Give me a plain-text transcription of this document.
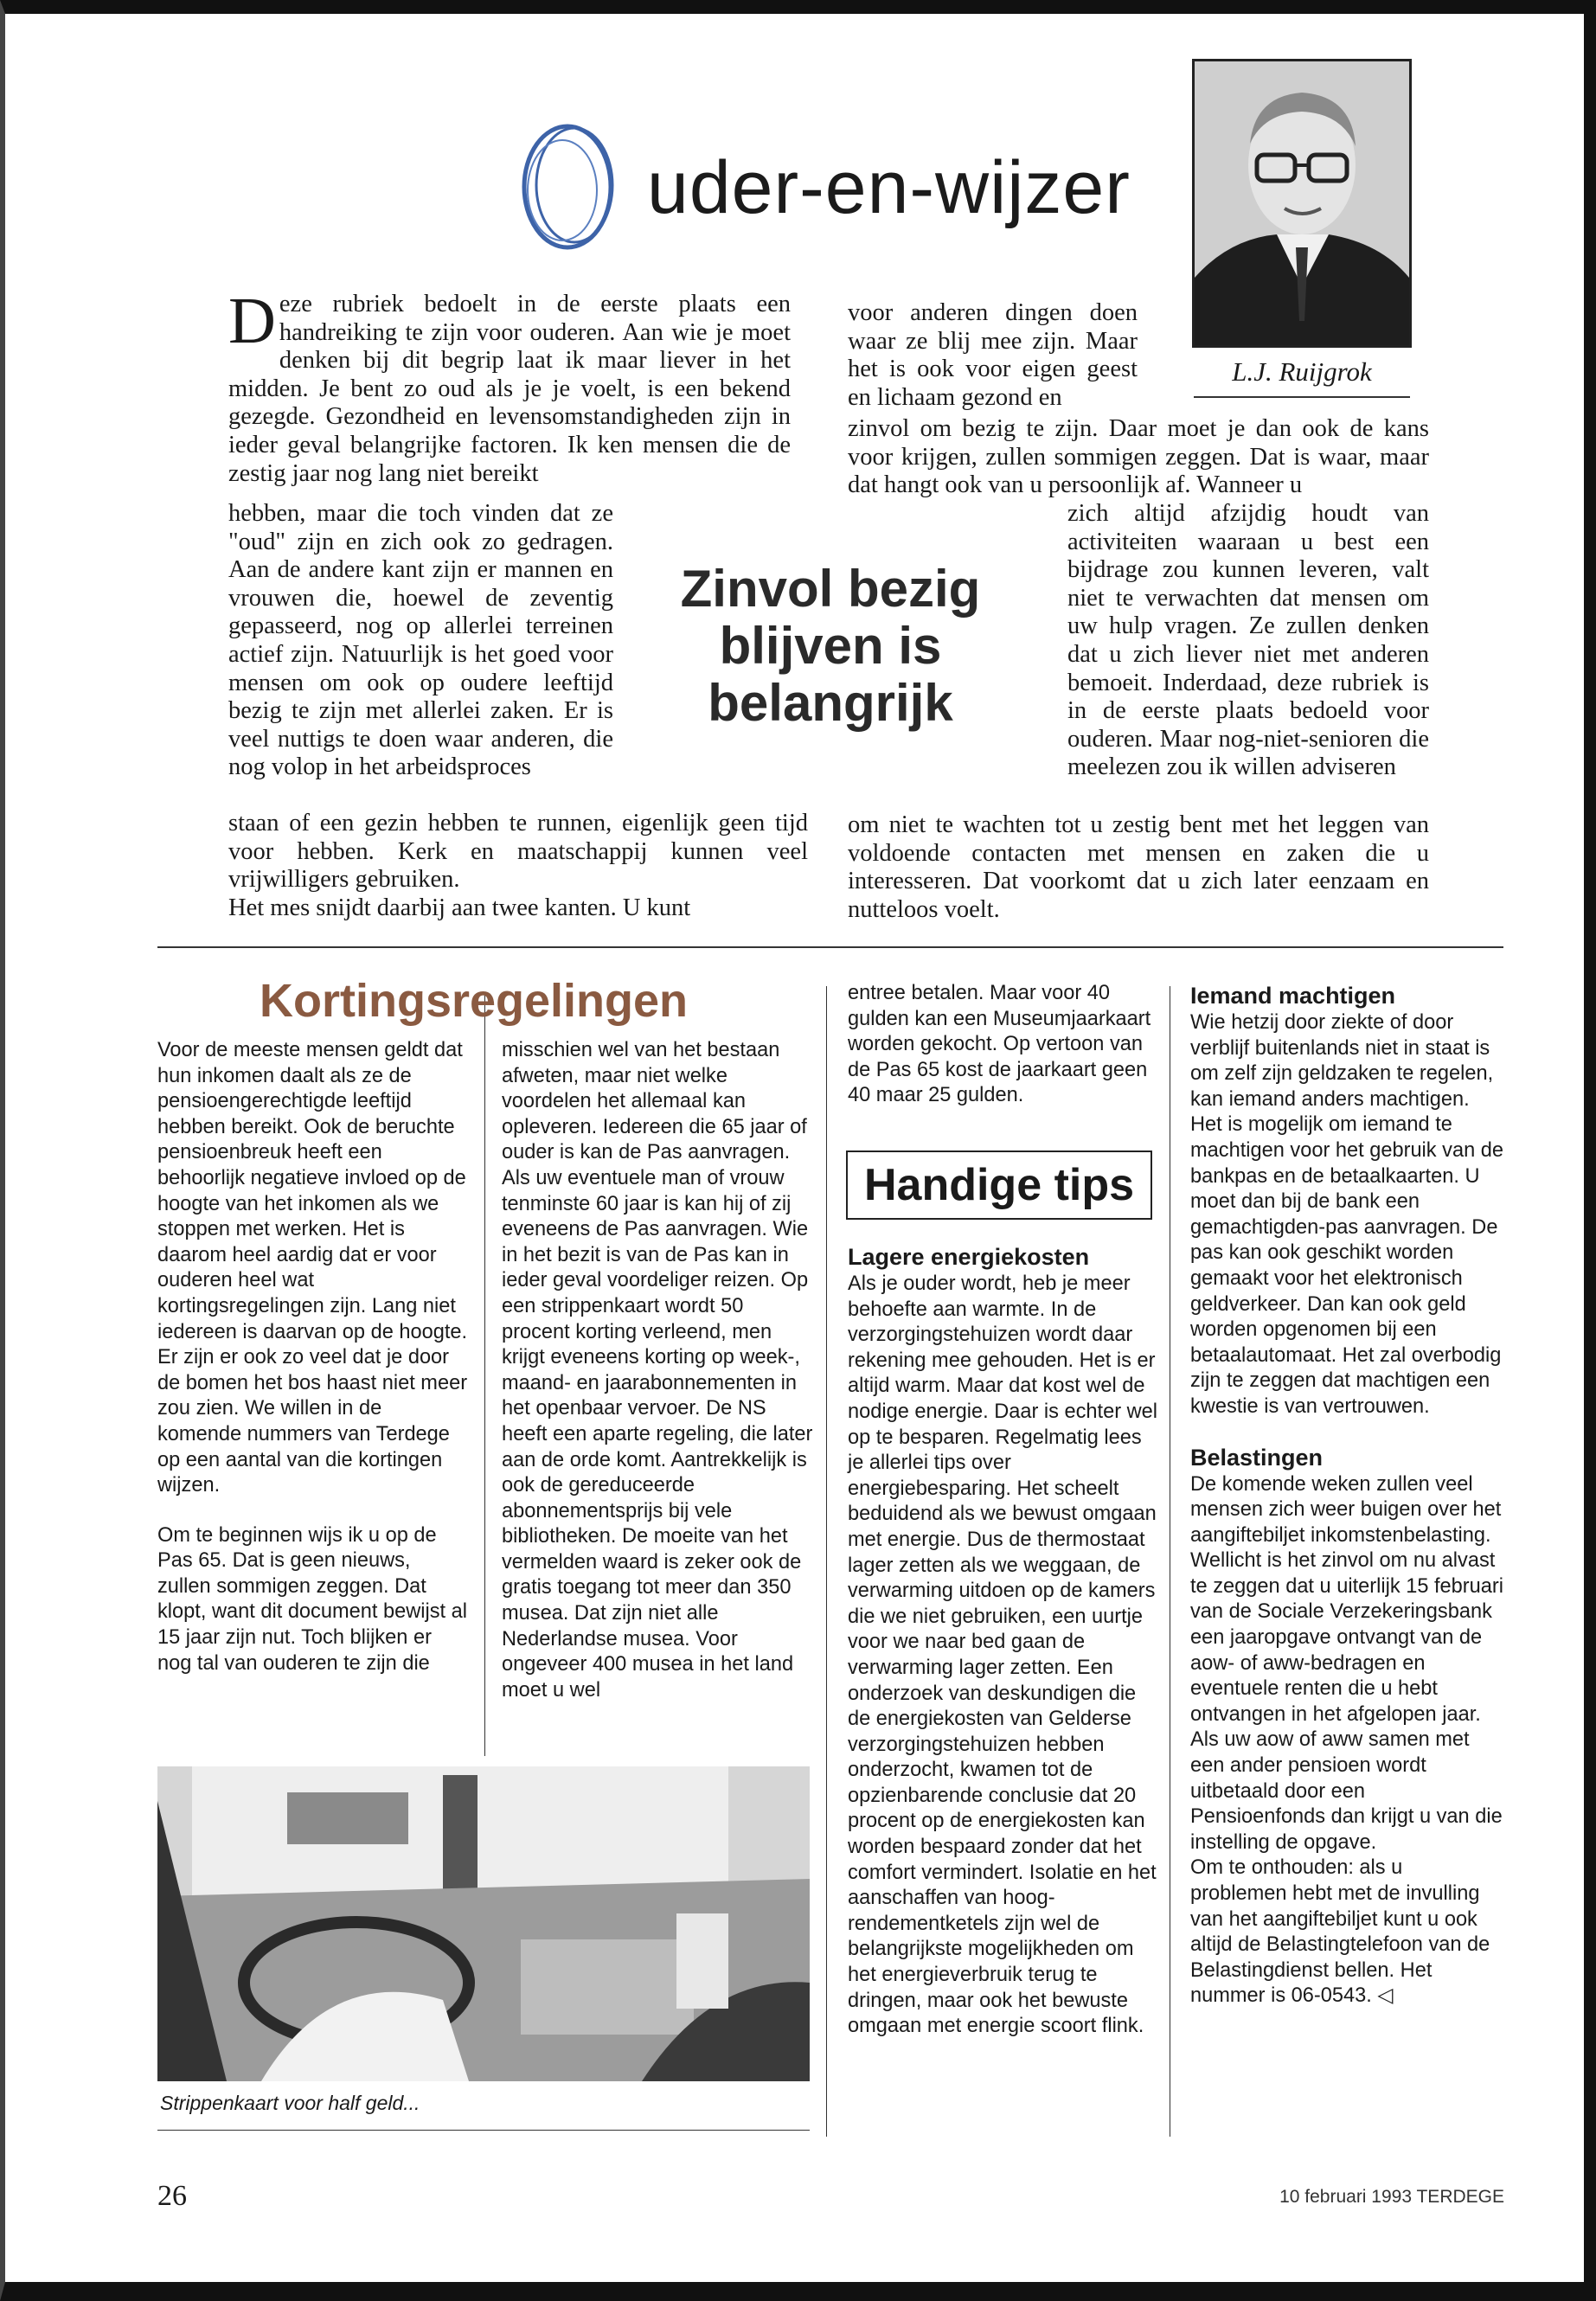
uder-en-wijzer
L.J. Ruijgrok

Deze rubriek bedoelt in de eerste plaats een handreiking te zijn voor ouderen. Aan wie je moet denken bij dit begrip laat ik maar liever in het midden. Je bent zo oud als je je voelt, is een bekend gezegde. Gezondheid en levensomstandigheden zijn in ieder geval belangrijke factoren. Ik ken mensen die de zestig jaar nog lang niet bereikt

hebben, maar die toch vinden dat ze "oud" zijn en zich ook zo gedragen. Aan de andere kant zijn er mannen en vrouwen die, hoewel de zeventig gepasseerd, nog op allerlei terreinen actief zijn. Natuurlijk is het goed voor mensen om ook op oudere leeftijd bezig te zijn met allerlei zaken. Er is veel nuttigs te doen waar anderen, die nog volop in het arbeidsproces

staan of een gezin hebben te runnen, eigenlijk geen tijd voor hebben. Kerk en maatschappij kunnen veel vrijwilligers gebruiken.

Het mes snijdt daarbij aan twee kanten. U kunt

Zinvol bezig blijven is belangrijk

voor anderen dingen doen waar ze blij mee zijn. Maar het is ook voor eigen geest en lichaam gezond en

zinvol om bezig te zijn. Daar moet je dan ook de kans voor krijgen, zullen sommigen zeggen. Dat is waar, maar dat hangt ook van u persoonlijk af. Wanneer u

zich altijd afzijdig houdt van activiteiten waaraan u best een bijdrage zou kunnen leveren, valt niet te verwachten dat mensen om uw hulp vragen. Ze zullen denken dat u zich liever niet met anderen bemoeit. Inderdaad, deze rubriek is in de eerste plaats bedoeld voor ouderen. Maar nog-niet-senioren die meelezen zou ik willen adviseren

om niet te wachten tot u zestig bent met het leggen van voldoende contacten met mensen en zaken die u interesseren. Dat voorkomt dat u zich later eenzaam en nutteloos voelt.

Kortingsregelingen

Voor de meeste mensen geldt dat hun inkomen daalt als ze de pensioengerechtigde leeftijd hebben bereikt. Ook de beruchte pensioenbreuk heeft een behoorlijk negatieve invloed op de hoogte van het inkomen als we stoppen met werken. Het is daarom heel aardig dat er voor ouderen heel wat kortingsregelingen zijn. Lang niet iedereen is daarvan op de hoogte. Er zijn er ook zo veel dat je door de bomen het bos haast niet meer zou zien. We willen in de komende nummers van Terdege op een aantal van die kortingen wijzen.

Om te beginnen wijs ik u op de Pas 65. Dat is geen nieuws, zullen sommigen zeggen. Dat klopt, want dit document bewijst al 15 jaar zijn nut. Toch blijken er nog tal van ouderen te zijn die

misschien wel van het bestaan afweten, maar niet welke voordelen het allemaal kan opleveren. Iedereen die 65 jaar of ouder is kan de Pas aanvragen. Als uw eventuele man of vrouw tenminste 60 jaar is kan hij of zij eveneens de Pas aanvragen. Wie in het bezit is van de Pas kan in ieder geval voordeliger reizen. Op een strippenkaart wordt 50 procent korting verleend, men krijgt eveneens korting op week-, maand- en jaarabonnementen in het openbaar vervoer. De NS heeft een aparte regeling, die later aan de orde komt. Aantrekkelijk is ook de gereduceerde abonnementsprijs bij vele bibliotheken. De moeite van het vermelden waard is zeker ook de gratis toegang tot meer dan 350 musea. Dat zijn niet alle Nederlandse musea. Voor ongeveer 400 musea in het land moet u wel

entree betalen. Maar voor 40 gulden kan een Museumjaarkaart worden gekocht. Op vertoon van de Pas 65 kost de jaarkaart geen 40 maar 25 gulden.

Handige tips

Lagere energiekosten

Als je ouder wordt, heb je meer behoefte aan warmte. In de verzorgingstehuizen wordt daar rekening mee gehouden. Het is er altijd warm. Maar dat kost wel de nodige energie. Daar is echter wel op te besparen. Regelmatig lees je allerlei tips over energiebesparing. Het scheelt beduidend als we bewust omgaan met energie. Dus de thermostaat lager zetten als we weggaan, de verwarming uitdoen op de kamers die we niet gebruiken, een uurtje voor we naar bed gaan de verwarming lager zetten. Een onderzoek van deskundigen die de energiekosten van Gelderse verzorgingstehuizen hebben onderzocht, kwamen tot de opzienbarende conclusie dat 20 procent op de energiekosten kan worden bespaard zonder dat het comfort vermindert. Isolatie en het aanschaffen van hoog-rendementketels zijn wel de belangrijkste mogelijkheden om het energieverbruik terug te dringen, maar ook het bewuste omgaan met energie scoort flink.

Iemand machtigen

Wie hetzij door ziekte of door verblijf buitenlands niet in staat is om zelf zijn geldzaken te regelen, kan iemand anders machtigen. Het is mogelijk om iemand te machtigen voor het gebruik van de bankpas en de betaalkaarten. U moet dan bij de bank een gemachtigden-pas aanvragen. De pas kan ook geschikt worden gemaakt voor het elektronisch geldverkeer. Dan kan ook geld worden opgenomen bij een betaalautomaat. Het zal overbodig zijn te zeggen dat machtigen een kwestie is van vertrouwen.

Belastingen

De komende weken zullen veel mensen zich weer buigen over het aangiftebiljet inkomstenbelasting. Wellicht is het zinvol om nu alvast te zeggen dat u uiterlijk 15 februari van de Sociale Verzekeringsbank een jaaropgave ontvangt van de aow- of aww-bedragen en eventuele renten die u hebt ontvangen in het afgelopen jaar. Als uw aow of aww samen met een ander pensioen wordt uitbetaald door een Pensioenfonds dan krijgt u van die instelling de opgave.

Om te onthouden: als u problemen hebt met de invulling van het aangiftebiljet kunt u ook altijd de Belastingtelefoon van de Belastingdienst bellen. Het nummer is 06-0543. ◁

Strippenkaart voor half geld...
26	10 februari 1993 TERDEGE
